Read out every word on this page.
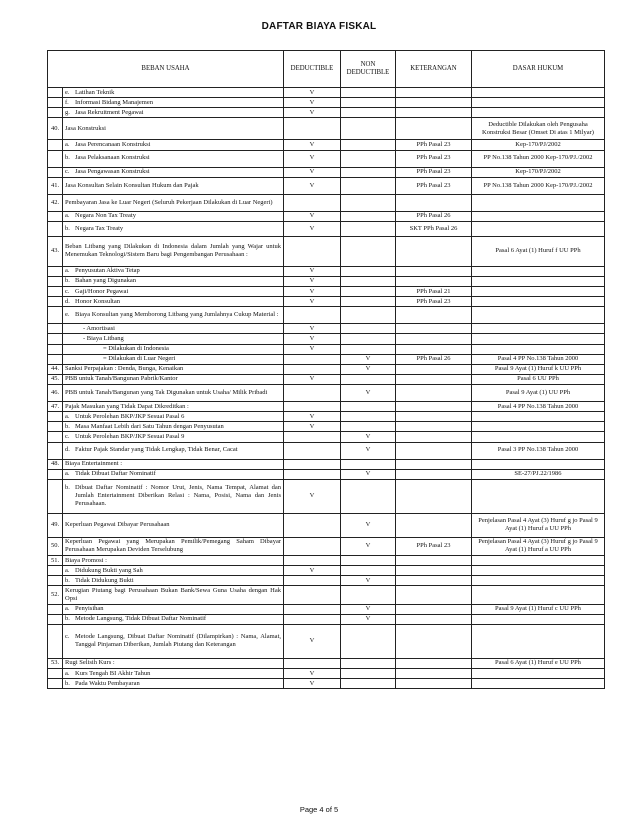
DAFTAR BIAYA FISKAL
BEBAN USAHA		DEDUCTIBLE	NON DEDUCTIBLE	KETERANGAN	DASAR HUKUM

	e. Latihan Teknik	V			

	f. Informasi Bidang Manajemen	V			

	g. Jasa Rekruitment Pegawai	V			
40.	Jasa Konstruksi				Deductible Dilakukan oleh Pengusaha Konstruksi Besar (Omset Di atas 1 Milyar)

	a. Jasa Perencanaan Konstruksi	V		PPh Pasal 23	Kep-170/PJ/2002

	b. Jasa Pelaksanaan Konstruksi	V		PPh Pasal 23	PP No.138 Tahun 2000 Kep-170/PJ./2002

	c. Jasa Pengawasan Konstruksi	V		PPh Pasal 23	Kep-170/PJ/2002
41.	Jasa Konsultan Selain Konsultan Hukum dan Pajak	V		PPh Pasal 23	PP No.138 Tahun 2000 Kep-170/PJ./2002
42.	Pembayaran Jasa ke Luar Negeri (Seluruh Pekerjaan Dilakukan di Luar Negeri)				

	a. Negara Non Tax Treaty	V		PPh Pasal 26	

	b. Negara Tax Treaty	V		SKT PPh Pasal 26	
43.	Beban Litbang yang Dilakukan di Indonesia dalam Jumlah yang Wajar untuk Menemukan Teknologi/Sistem Baru bagi Pengembangan Perusahaan :				Pasal 6 Ayat (1) Huruf f UU PPh

	a. Penyusutan Aktiva Tetap	V			

	b. Bahan yang Digunakan	V			

	c. Gaji/Honor Pegawai	V		PPh Pasal 21	

	d. Honor Konsultan	V		PPh Pasal 23	

	e. Biaya Konsultan yang Memborong Litbang yang Jumlahnya Cukup Material :				

	- Amortisasi	V			

	- Biaya Litbang	V			

	= Dilakukan di Indonesia	V			

	= Dilakukan di Luar Negeri		V	PPh Pasal 26	Pasal 4 PP No.138 Tahun 2000
44.	Sanksi Perpajakan : Denda, Bunga, Kenaikan		V		Pasal 9 Ayat (1) Huruf k UU PPh
45.	PBB untuk Tanah/Bangunan Pabrik/Kantor	V			Pasal 6 UU PPh
46.	PBB untuk Tanah/Bangunan yang Tak Digunakan untuk Usaha/ Milik Pribadi		V		Pasal 9 Ayat (1) UU PPh
47.	Pajak Masukan yang Tidak Dapat Dikreditkan :				Pasal 4 PP No.138 Tahun 2000

	a. Untuk Perolehan BKP/JKP Sesuai Pasal 6	V			

	b. Masa Manfaat Lebih dari Satu Tahun dengan Penyusutan	V			

	c. Untuk Perolehan BKP/JKP Sesuai Pasal 9		V		

	d. Faktur Pajak Standar yang Tidak Lengkap, Tidak Benar, Cacat		V		Pasal 3 PP No.138 Tahun 2000
48.	Biaya Entertainment :				

	a. Tidak Dibuat Daftar Nominatif		V		SE-27/PJ.22/1986

	b. Dibuat Daftar Nominatif : Nomor Urut, Jenis, Nama Tempat, Alamat dan Jumlah Entertainment Diberikan Relasi : Nama, Posisi, Nama dan Jenis Perusahaan.	V			
49.	Keperluan Pegawai Dibayar Perusahaan		V		Penjelasan Pasal 4 Ayat (3) Huruf g jo Pasal 9 Ayat (1) Huruf a UU PPh
50.	Keperluan Pegawai yang Merupakan Pemilik/Pemegang Saham Dibayar Perusahaan Merupakan Deviden Terselubung		V	PPh Pasal 23	Penjelasan Pasal 4 Ayat (3) Huruf g jo Pasal 9 Ayat (1) Huruf a UU PPh
51.	Biaya Promosi :				

	a. Didukung Bukti yang Sah	V			

	b. Tidak Didukung Bukti		V		
52.	Kerugian Piutang bagi Perusahaan Bukan Bank/Sewa Guna Usaha dengan Hak Opsi				

	a. Penyisihan		V		Pasal 9 Ayat (1) Huruf c UU PPh

	b. Metode Langsung, Tidak Dibuat Daftar Nominatif		V		

	c. Metode Langsung, Dibuat Daftar Nominatif (Dilampirkan) : Nama, Alamat, Tanggal Pinjaman Diberikan, Jumlah Piutang dan Keterangan	V			
53.	Rugi Selisih Kurs :				Pasal 6 Ayat (1) Huruf e UU PPh

	a. Kurs Tengah BI Akhir Tahun	V			

	b. Pada Waktu Pembayaran	V			
Page 4 of 5
